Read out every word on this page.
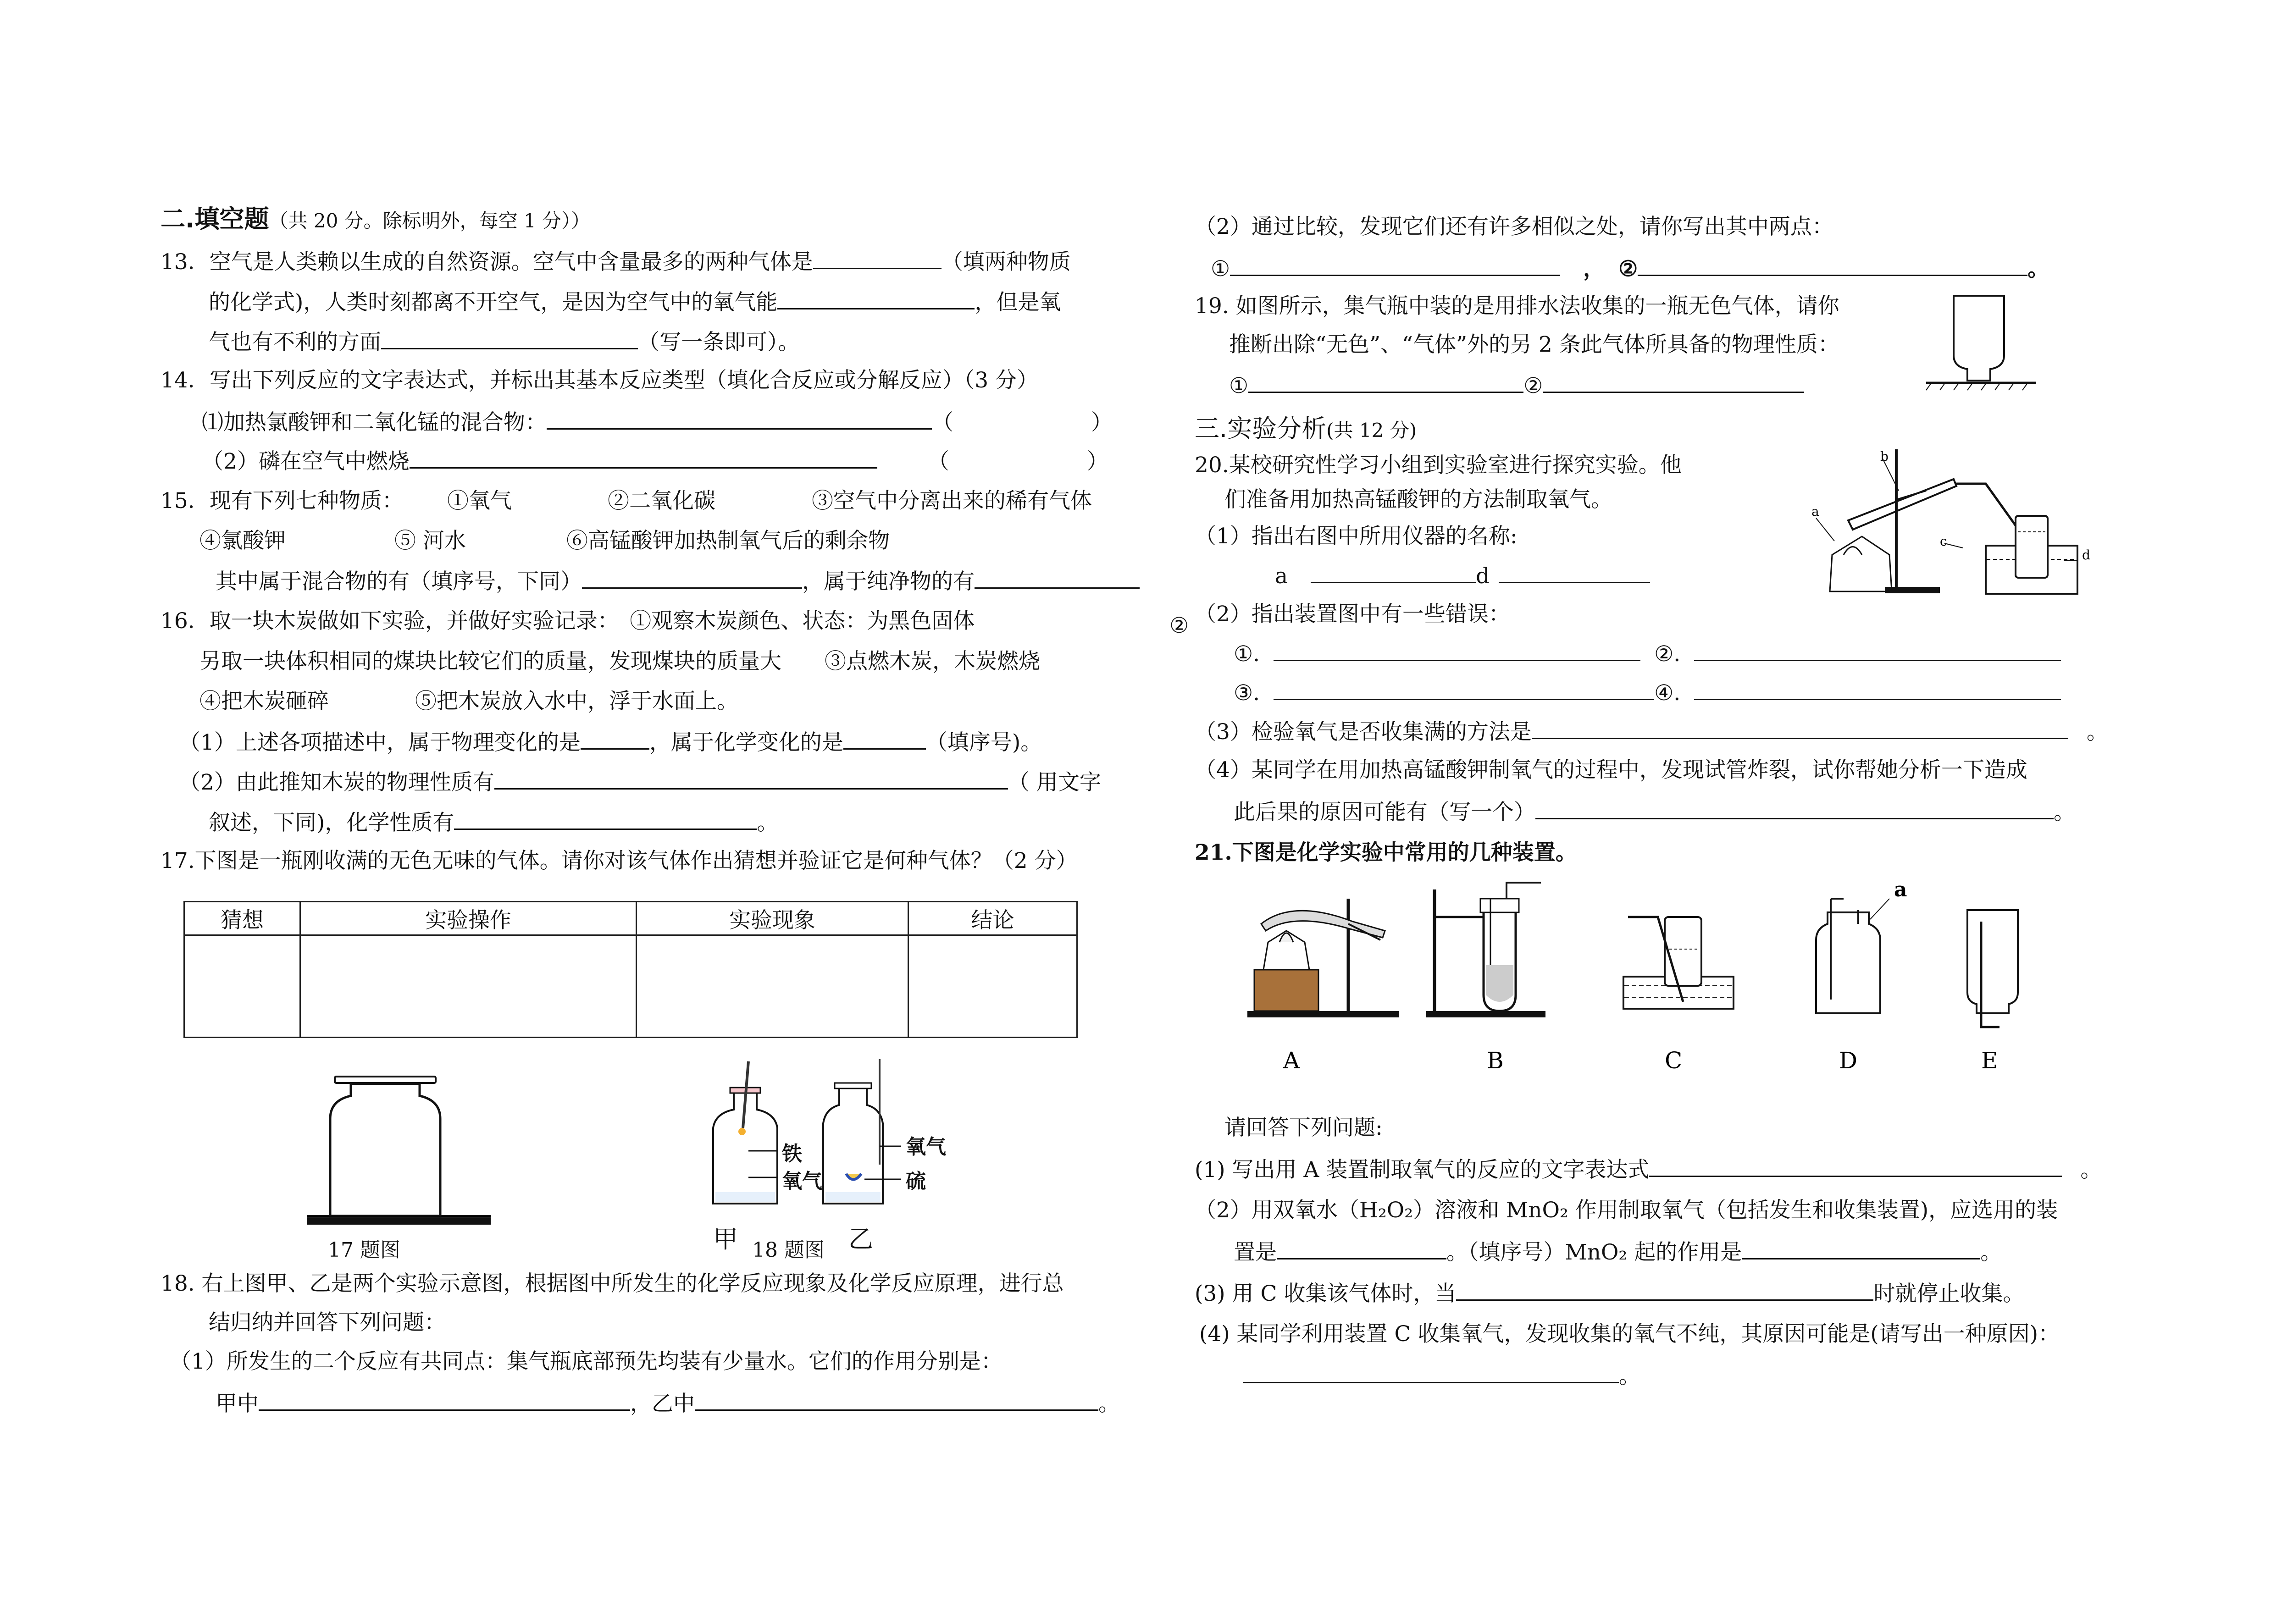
二.填空题（共 20 分。除标明外，每空 1 分））
13．空气是人类赖以生成的自然资源。空气中含量最多的两种气体是	（填两种物质
的化学式)，人类时刻都离不开空气，是因为空气中的氧气能	，但是氧
气也有不利的方面	（写一条即可）。
14．写出下列反应的文字表达式，并标出其基本反应类型（填化合反应或分解反应）（3 分）
⑴加热氯酸钾和二氧化锰的混合物：	（	）
（2）磷在空气中燃烧	（	）
15．现有下列七种物质： ①氧气	②二氧化碳	③空气中分离出来的稀有气体
④氯酸钾	⑤ 河水	⑥高锰酸钾加热制氧气后的剩余物
其中属于混合物的有（填序号，下同）	，属于纯净物的有
16．取一块木炭做如下实验，并做好实验记录：　①观察木炭颜色、状态：为黑色固体
另取一块体积相同的煤块比较它们的质量，发现煤块的质量大　　③点燃木炭，木炭燃烧
④把木炭砸碎　　　　⑤把木炭放入水中，浮于水面上。
（1）上述各项描述中，属于物理变化的是	，属于化学变化的是	（填序号)。
（2）由此推知木炭的物理性质有	（ 用文字
叙述，下同)，化学性质有	。
17.下图是一瓶刚收满的无色无味的气体。请你对该气体作出猜想并验证它是何种气体？（2 分）
猜想	实验操作	实验现象	结论

17 题图
铁
氧气
氧气
硫
甲 18 题图 乙
18. 右上图甲、乙是两个实验示意图，根据图中所发生的化学反应现象及化学反应原理，进行总
结归纳并回答下列问题：
（1）所发生的二个反应有共同点：集气瓶底部预先均装有少量水。它们的作用分别是：
甲中	，乙中	。
（2）通过比较，发现它们还有许多相似之处，请你写出其中两点：
①	， ②	。
19. 如图所示，集气瓶中装的是用排水法收集的一瓶无色气体，请你
推断出除“无色”、“气体”外的另 2 条此气体所具备的物理性质：
①	②
三.实验分析(共 12 分)
20.某校研究性学习小组到实验室进行探究实验。他
们准备用加热高锰酸钾的方法制取氧气。
（1）指出右图中所用仪器的名称:
a	d
a
b
c
d
（2）指出装置图中有一些错误：
②
①.	②.
③.	④.
（3）检验氧气是否收集满的方法是	。
（4）某同学在用加热高锰酸钾制氧气的过程中，发现试管炸裂，试你帮她分析一下造成
此后果的原因可能有（写一个）	。
21.下图是化学实验中常用的几种装置。
A	B	C
a
D	E
请回答下列问题:
(1) 写出用 A 装置制取氧气的反应的文字表达式	。
（2）用双氧水（H₂O₂）溶液和 MnO₂ 作用制取氧气（包括发生和收集装置)，应选用的装
置是	。（填序号）MnO₂ 起的作用是	。
(3) 用 C 收集该气体时，当	时就停止收集。
(4) 某同学利用装置 C 收集氧气，发现收集的氧气不纯，其原因可能是(请写出一种原因)：
。
